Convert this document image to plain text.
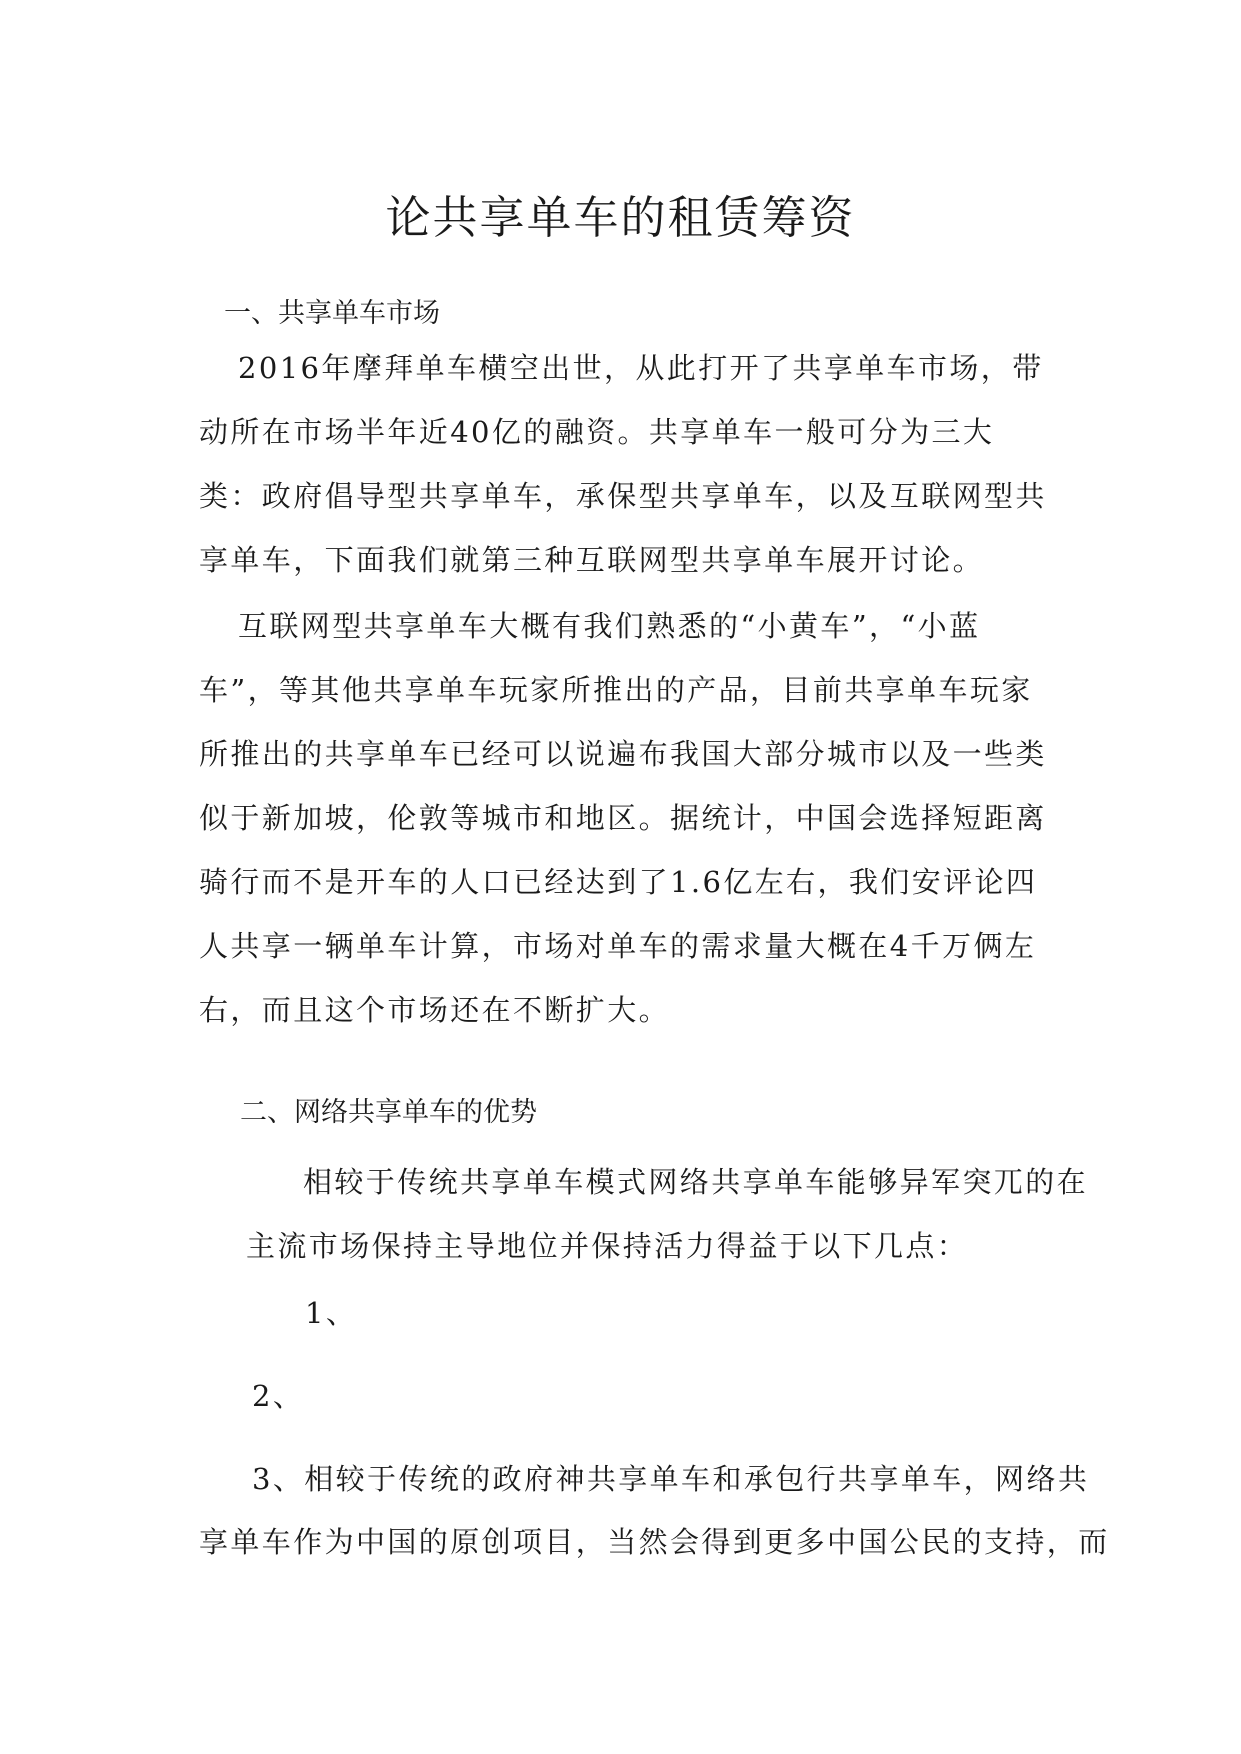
论共享单车的租赁筹资
一、共享单车市场

2016年摩拜单车横空出世，从此打开了共享单车市场，带动所在市场半年近40亿的融资。共享单车一般可分为三大类：政府倡导型共享单车，承保型共享单车，以及互联网型共享单车，下面我们就第三种互联网型共享单车展开讨论。

互联网型共享单车大概有我们熟悉的“小黄车”，“小蓝车”，等其他共享单车玩家所推出的产品，目前共享单车玩家所推出的共享单车已经可以说遍布我国大部分城市以及一些类似于新加坡，伦敦等城市和地区。据统计，中国会选择短距离骑行而不是开车的人口已经达到了1.6亿左右，我们安评论四人共享一辆单车计算，市场对单车的需求量大概在4千万俩左右，而且这个市场还在不断扩大。

二、网络共享单车的优势

相较于传统共享单车模式网络共享单车能够异军突兀的在

主流市场保持主导地位并保持活力得益于以下几点：

1、

2、

3、相较于传统的政府神共享单车和承包行共享单车，网络共

享单车作为中国的原创项目，当然会得到更多中国公民的支持，而
